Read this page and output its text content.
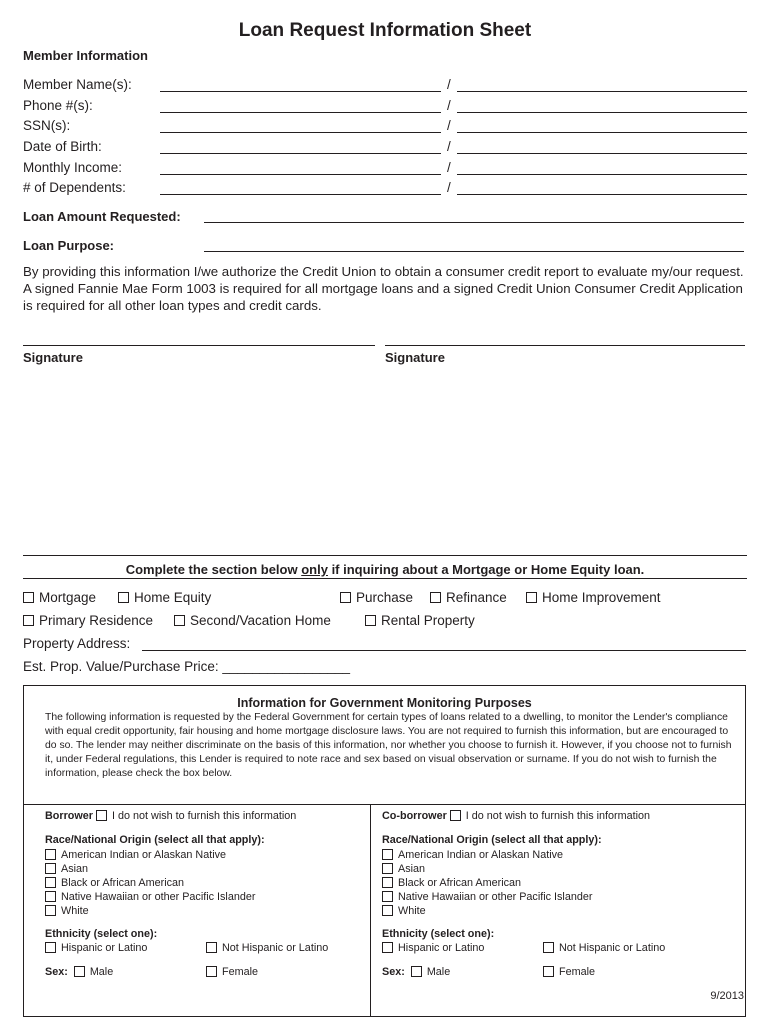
Loan Request Information Sheet
Member Information
Member Name(s):	/
Phone #(s):	/
SSN(s):	/
Date of Birth:	/
Monthly Income:	/
# of Dependents:	/
Loan Amount Requested:
Loan Purpose:
By providing this information I/we authorize the Credit Union to obtain a consumer credit report to evaluate my/our request. A signed Fannie Mae Form 1003 is required for all mortgage loans and a signed Credit Union Consumer Credit Application is required for all other loan types and credit cards.
Signature	Signature
Complete the section below only if inquiring about a Mortgage or Home Equity loan.
Mortgage	Home Equity	Purchase	Refinance	Home Improvement
Primary Residence	Second/Vacation Home	Rental Property
Property Address:
Est. Prop. Value/Purchase Price: _________________
Information for Government Monitoring Purposes
The following information is requested by the Federal Government for certain types of loans related to a dwelling, to monitor the Lender's compliance with equal credit opportunity, fair housing and home mortgage disclosure laws. You are not required to furnish this information, but are encouraged to do so. The lender may neither discriminate on the basis of this information, nor whether you choose to furnish it. However, if you choose not to furnish it, under Federal regulations, this Lender is required to note race and sex based on visual observation or surname. If you do not wish to furnish the information, please check the box below.
Borrower I do not wish to furnish this information
Race/National Origin (select all that apply):
American Indian or Alaskan Native
Asian
Black or African American
Native Hawaiian or other Pacific Islander
White
Ethnicity (select one):
Hispanic or Latino	Not Hispanic or Latino
Sex: Male	Female
Co-borrower I do not wish to furnish this information
Race/National Origin (select all that apply):
American Indian or Alaskan Native
Asian
Black or African American
Native Hawaiian or other Pacific Islander
White
Ethnicity (select one):
Hispanic or Latino	Not Hispanic or Latino
Sex: Male	Female
9/2013
